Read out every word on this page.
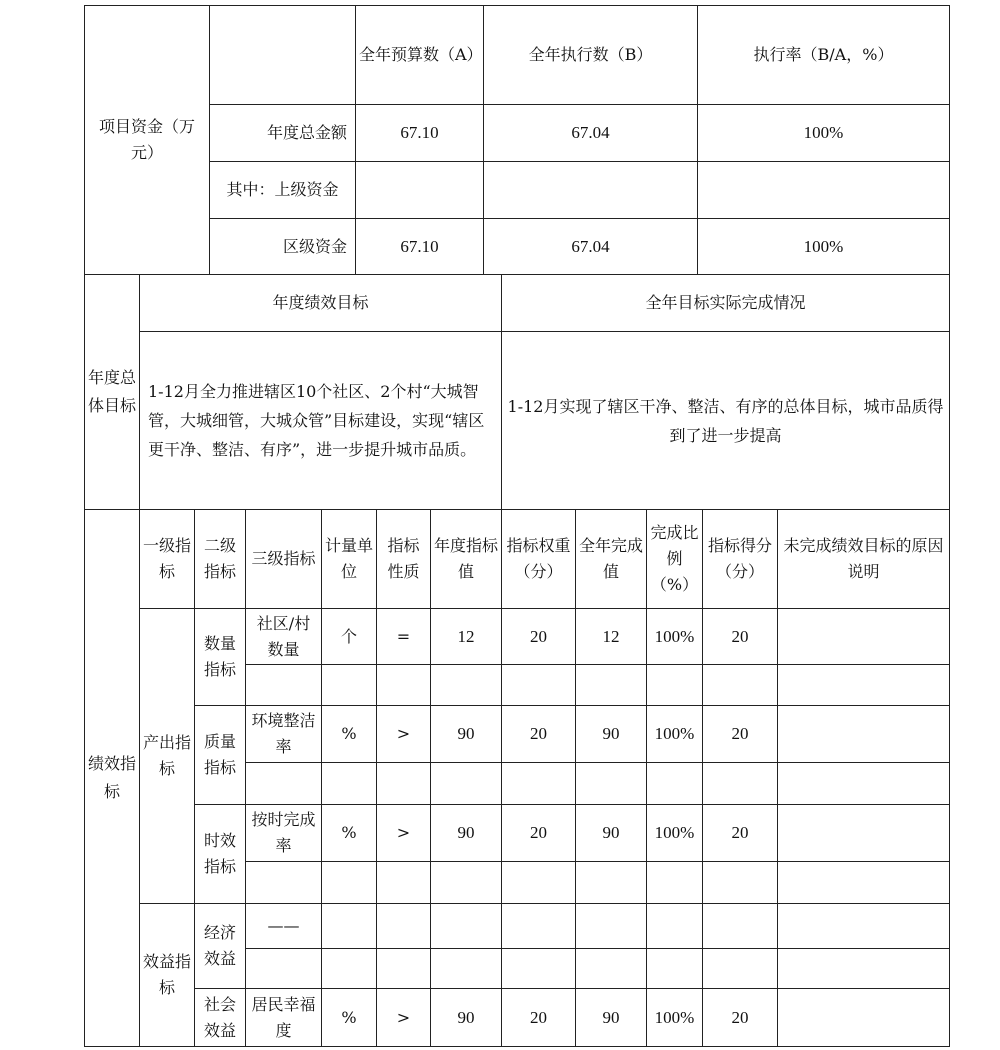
项目资金（万元）		全年预算数（A）	全年执行数（B）	执行率（B/A，%）
	年度总金额	67.10	67.04	100%
	其中：上级资金			
	区级资金	67.10	67.04	100%
年度总体目标	年度绩效目标	全年目标实际完成情况
	1-12月全力推进辖区10个社区、2个村“大城智管，大城细管，大城众管”目标建设，实现“辖区更干净、整洁、有序”，进一步提升城市品质。	1-12月实现了辖区干净、整洁、有序的总体目标，城市品质得到了进一步提高
绩效指标	一级指标	二级指标	三级指标	计量单位	指标性质	年度指标值	指标权重（分）	全年完成值	完成比例（%）	指标得分（分）	未完成绩效目标的原因说明
	产出指标	数量指标	社区/村数量	个	=	12	20	12	100%	20	

		质量指标	环境整洁率	%	>	90	20	90	100%	20	

		时效指标	按时完成率	%	>	90	20	90	100%	20	

	效益指标	经济效益	——								

		社会效益	居民幸福度	%	>	90	20	90	100%	20	
